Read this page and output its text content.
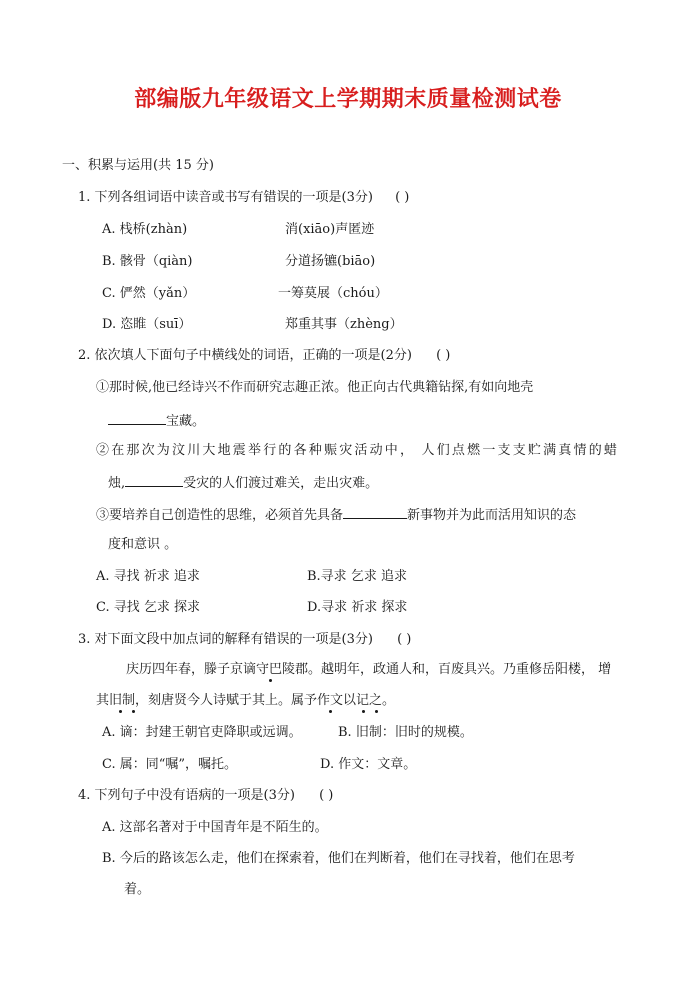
部编版九年级语文上学期期末质量检测试卷
一、积累与运用(共 15 分)
1. 下列各组词语中读音或书写有错误的一项是(3分) ( )
A. 栈桥(zhàn)	消(xiāo)声匿迹
B. 骸骨（qiàn)	分道扬镳(biāo)
C. 俨然（yǎn）	一筹莫展（chóu）
D. 恣睢（suī）	郑重其事（zhèng）
2. 依次填人下面句子中横线处的词语，正确的一项是(2分) ( )
①那时候,他已经诗兴不作而研究志趣正浓。他正向古代典籍钻探,有如向地壳
宝藏。
②在那次为汶川大地震举行的各种赈灾活动中， 人们点燃一支支贮满真情的蜡
烛,	受灾的人们渡过难关，走出灾难。
③要培养自己创造性的思维，必须首先具备	新事物并为此而活用知识的态
度和意识 。
A. 寻找 祈求 追求	B.寻求 乞求 追求
C. 寻找 乞求 探求	D.寻求 祈求 探求
3. 对下面文段中加点词的解释有错误的一项是(3分) ( )
庆历四年春，滕子京谪守巴陵郡。越明年，政通人和，百废具兴。乃重修岳阳楼， 增
其旧制，刻唐贤今人诗赋于其上。属予作文以记之。
A. 谪：封建王朝官吏降职或远调。	B. 旧制：旧时的规模。
C. 属：同“嘱”，嘱托。	D. 作文：文章。
4. 下列句子中没有语病的一项是(3分) ( )
A. 这部名著对于中国青年是不陌生的。
B. 今后的路该怎么走，他们在探索着，他们在判断着，他们在寻找着，他们在思考
着。
